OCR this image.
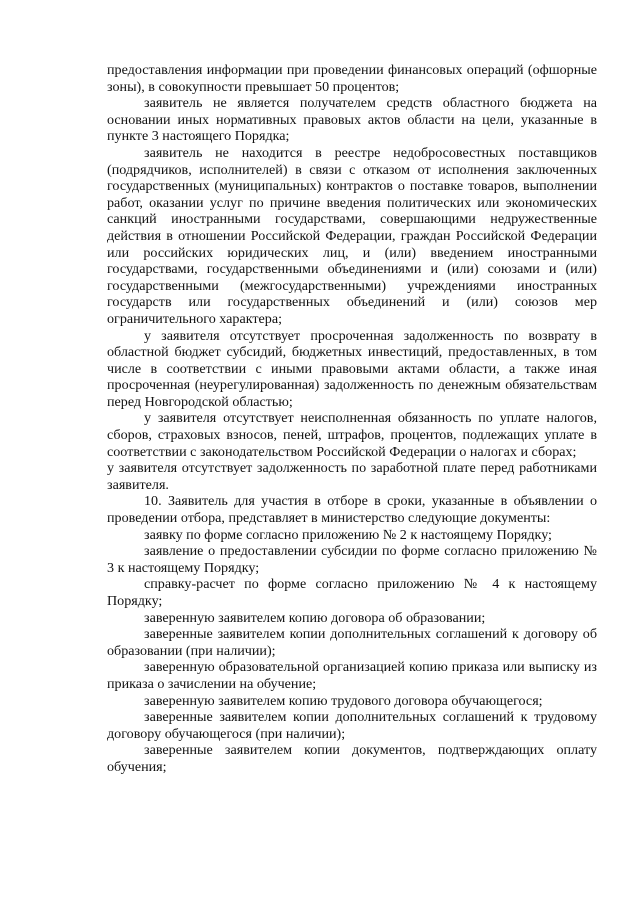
предоставления информации при проведении финансовых операций (офшорные зоны), в совокупности превышает 50 процентов;

заявитель не является получателем средств областного бюджета на основании иных нормативных правовых актов области на цели, указанные в пункте 3 настоящего Порядка;

заявитель не находится в реестре недобросовестных поставщиков (подрядчиков, исполнителей) в связи с отказом от исполнения заключенных государственных (муниципальных) контрактов о поставке товаров, выполнении работ, оказании услуг по причине введения политических или экономических санкций иностранными государствами, совершающими недружественные действия в отношении Российской Федерации, граждан Российской Федерации или российских юридических лиц, и (или) введением иностранными государствами, государственными объединениями и (или) союзами и (или) государственными (межгосударственными) учреждениями иностранных государств или государственных объединений и (или) союзов мер ограничительного характера;

у заявителя отсутствует просроченная задолженность по возврату в областной бюджет субсидий, бюджетных инвестиций, предоставленных, в том числе в соответствии с иными правовыми актами области, а также иная просроченная (неурегулированная) задолженность по денежным обязательствам перед Новгородской областью;

у заявителя отсутствует неисполненная обязанность по уплате налогов, сборов, страховых взносов, пеней, штрафов, процентов, подлежащих уплате в соответствии с законодательством Российской Федерации о налогах и сборах;

у заявителя отсутствует задолженность по заработной плате перед работниками заявителя.

10. Заявитель для участия в отборе в сроки, указанные в объявлении о проведении отбора, представляет в министерство следующие документы:

заявку по форме согласно приложению № 2 к настоящему Порядку;

заявление о предоставлении субсидии по форме согласно приложению № 3 к настоящему Порядку;

справку-расчет по форме согласно приложению № 4 к настоящему Порядку;

заверенную заявителем копию договора об образовании;

заверенные заявителем копии дополнительных соглашений к договору об образовании (при наличии);

заверенную образовательной организацией копию приказа или выписку из приказа о зачислении на обучение;

заверенную заявителем копию трудового договора обучающегося;

заверенные заявителем копии дополнительных соглашений к трудовому договору обучающегося (при наличии);

заверенные заявителем копии документов, подтверждающих оплату обучения;
